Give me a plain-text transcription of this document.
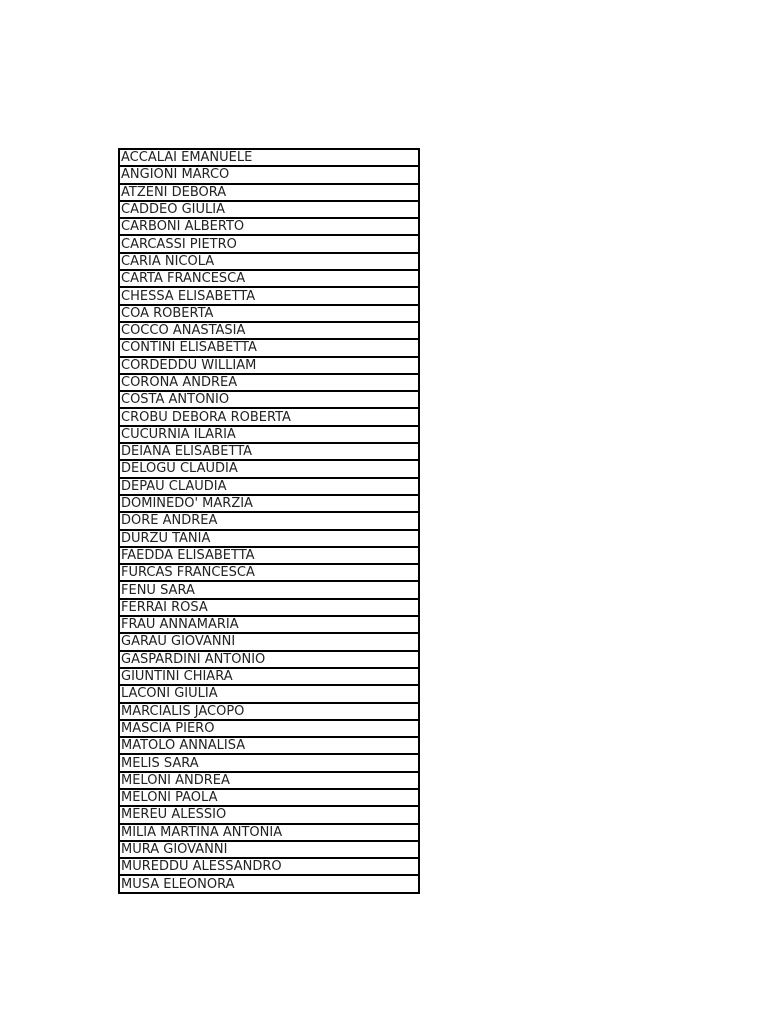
ACCALAI EMANUELE
ANGIONI MARCO
ATZENI DEBORA
CADDEO GIULIA
CARBONI ALBERTO
CARCASSI PIETRO
CARIA NICOLA
CARTA FRANCESCA
CHESSA ELISABETTA
COA ROBERTA
COCCO ANASTASIA
CONTINI ELISABETTA
CORDEDDU WILLIAM
CORONA ANDREA
COSTA ANTONIO
CROBU DEBORA ROBERTA
CUCURNIA ILARIA
DEIANA ELISABETTA
DELOGU CLAUDIA
DEPAU CLAUDIA
DOMINEDO' MARZIA
DORE ANDREA
DURZU TANIA
FAEDDA ELISABETTA
FURCAS FRANCESCA
FENU SARA
FERRAI ROSA
FRAU ANNAMARIA
GARAU GIOVANNI
GASPARDINI ANTONIO
GIUNTINI CHIARA
LACONI GIULIA
MARCIALIS JACOPO
MASCIA PIERO
MATOLO ANNALISA
MELIS SARA
MELONI ANDREA
MELONI PAOLA
MEREU ALESSIO
MILIA MARTINA ANTONIA
MURA GIOVANNI
MUREDDU ALESSANDRO
MUSA ELEONORA
